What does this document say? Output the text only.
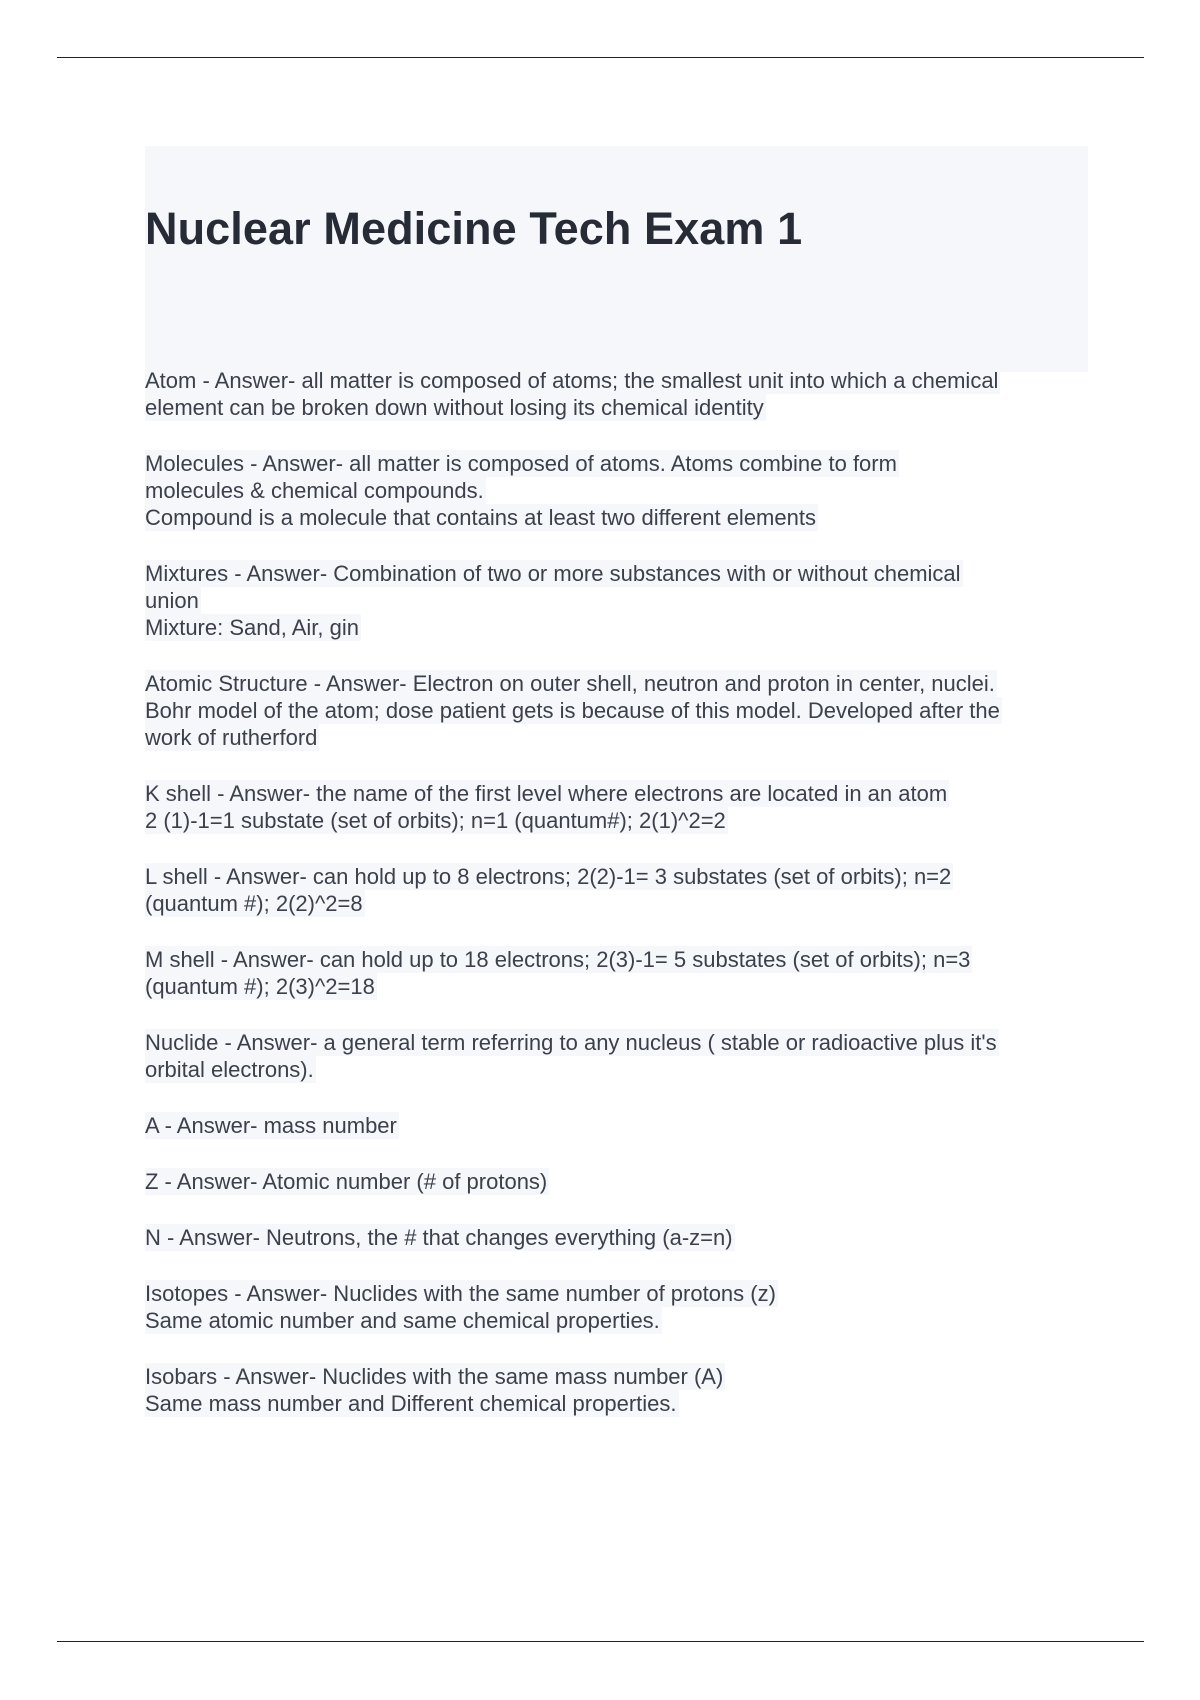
Nuclear Medicine Tech Exam 1
Atom - Answer- all matter is composed of atoms; the smallest unit into which a chemical
element can be broken down without losing its chemical identity
Molecules - Answer- all matter is composed of atoms. Atoms combine to form
molecules & chemical compounds.
Compound is a molecule that contains at least two different elements
Mixtures - Answer- Combination of two or more substances with or without chemical
union
Mixture: Sand, Air, gin
Atomic Structure - Answer- Electron on outer shell, neutron and proton in center, nuclei.
Bohr model of the atom; dose patient gets is because of this model. Developed after the
work of rutherford
K shell - Answer- the name of the first level where electrons are located in an atom
2 (1)-1=1 substate (set of orbits); n=1 (quantum#); 2(1)^2=2
L shell - Answer- can hold up to 8 electrons; 2(2)-1= 3 substates (set of orbits); n=2
(quantum #); 2(2)^2=8
M shell - Answer- can hold up to 18 electrons; 2(3)-1= 5 substates (set of orbits); n=3
(quantum #); 2(3)^2=18
Nuclide - Answer- a general term referring to any nucleus ( stable or radioactive plus it's
orbital electrons).
A - Answer- mass number
Z - Answer- Atomic number (# of protons)
N - Answer- Neutrons, the # that changes everything (a-z=n)
Isotopes - Answer- Nuclides with the same number of protons (z)
Same atomic number and same chemical properties.
Isobars - Answer- Nuclides with the same mass number (A)
Same mass number and Different chemical properties.
